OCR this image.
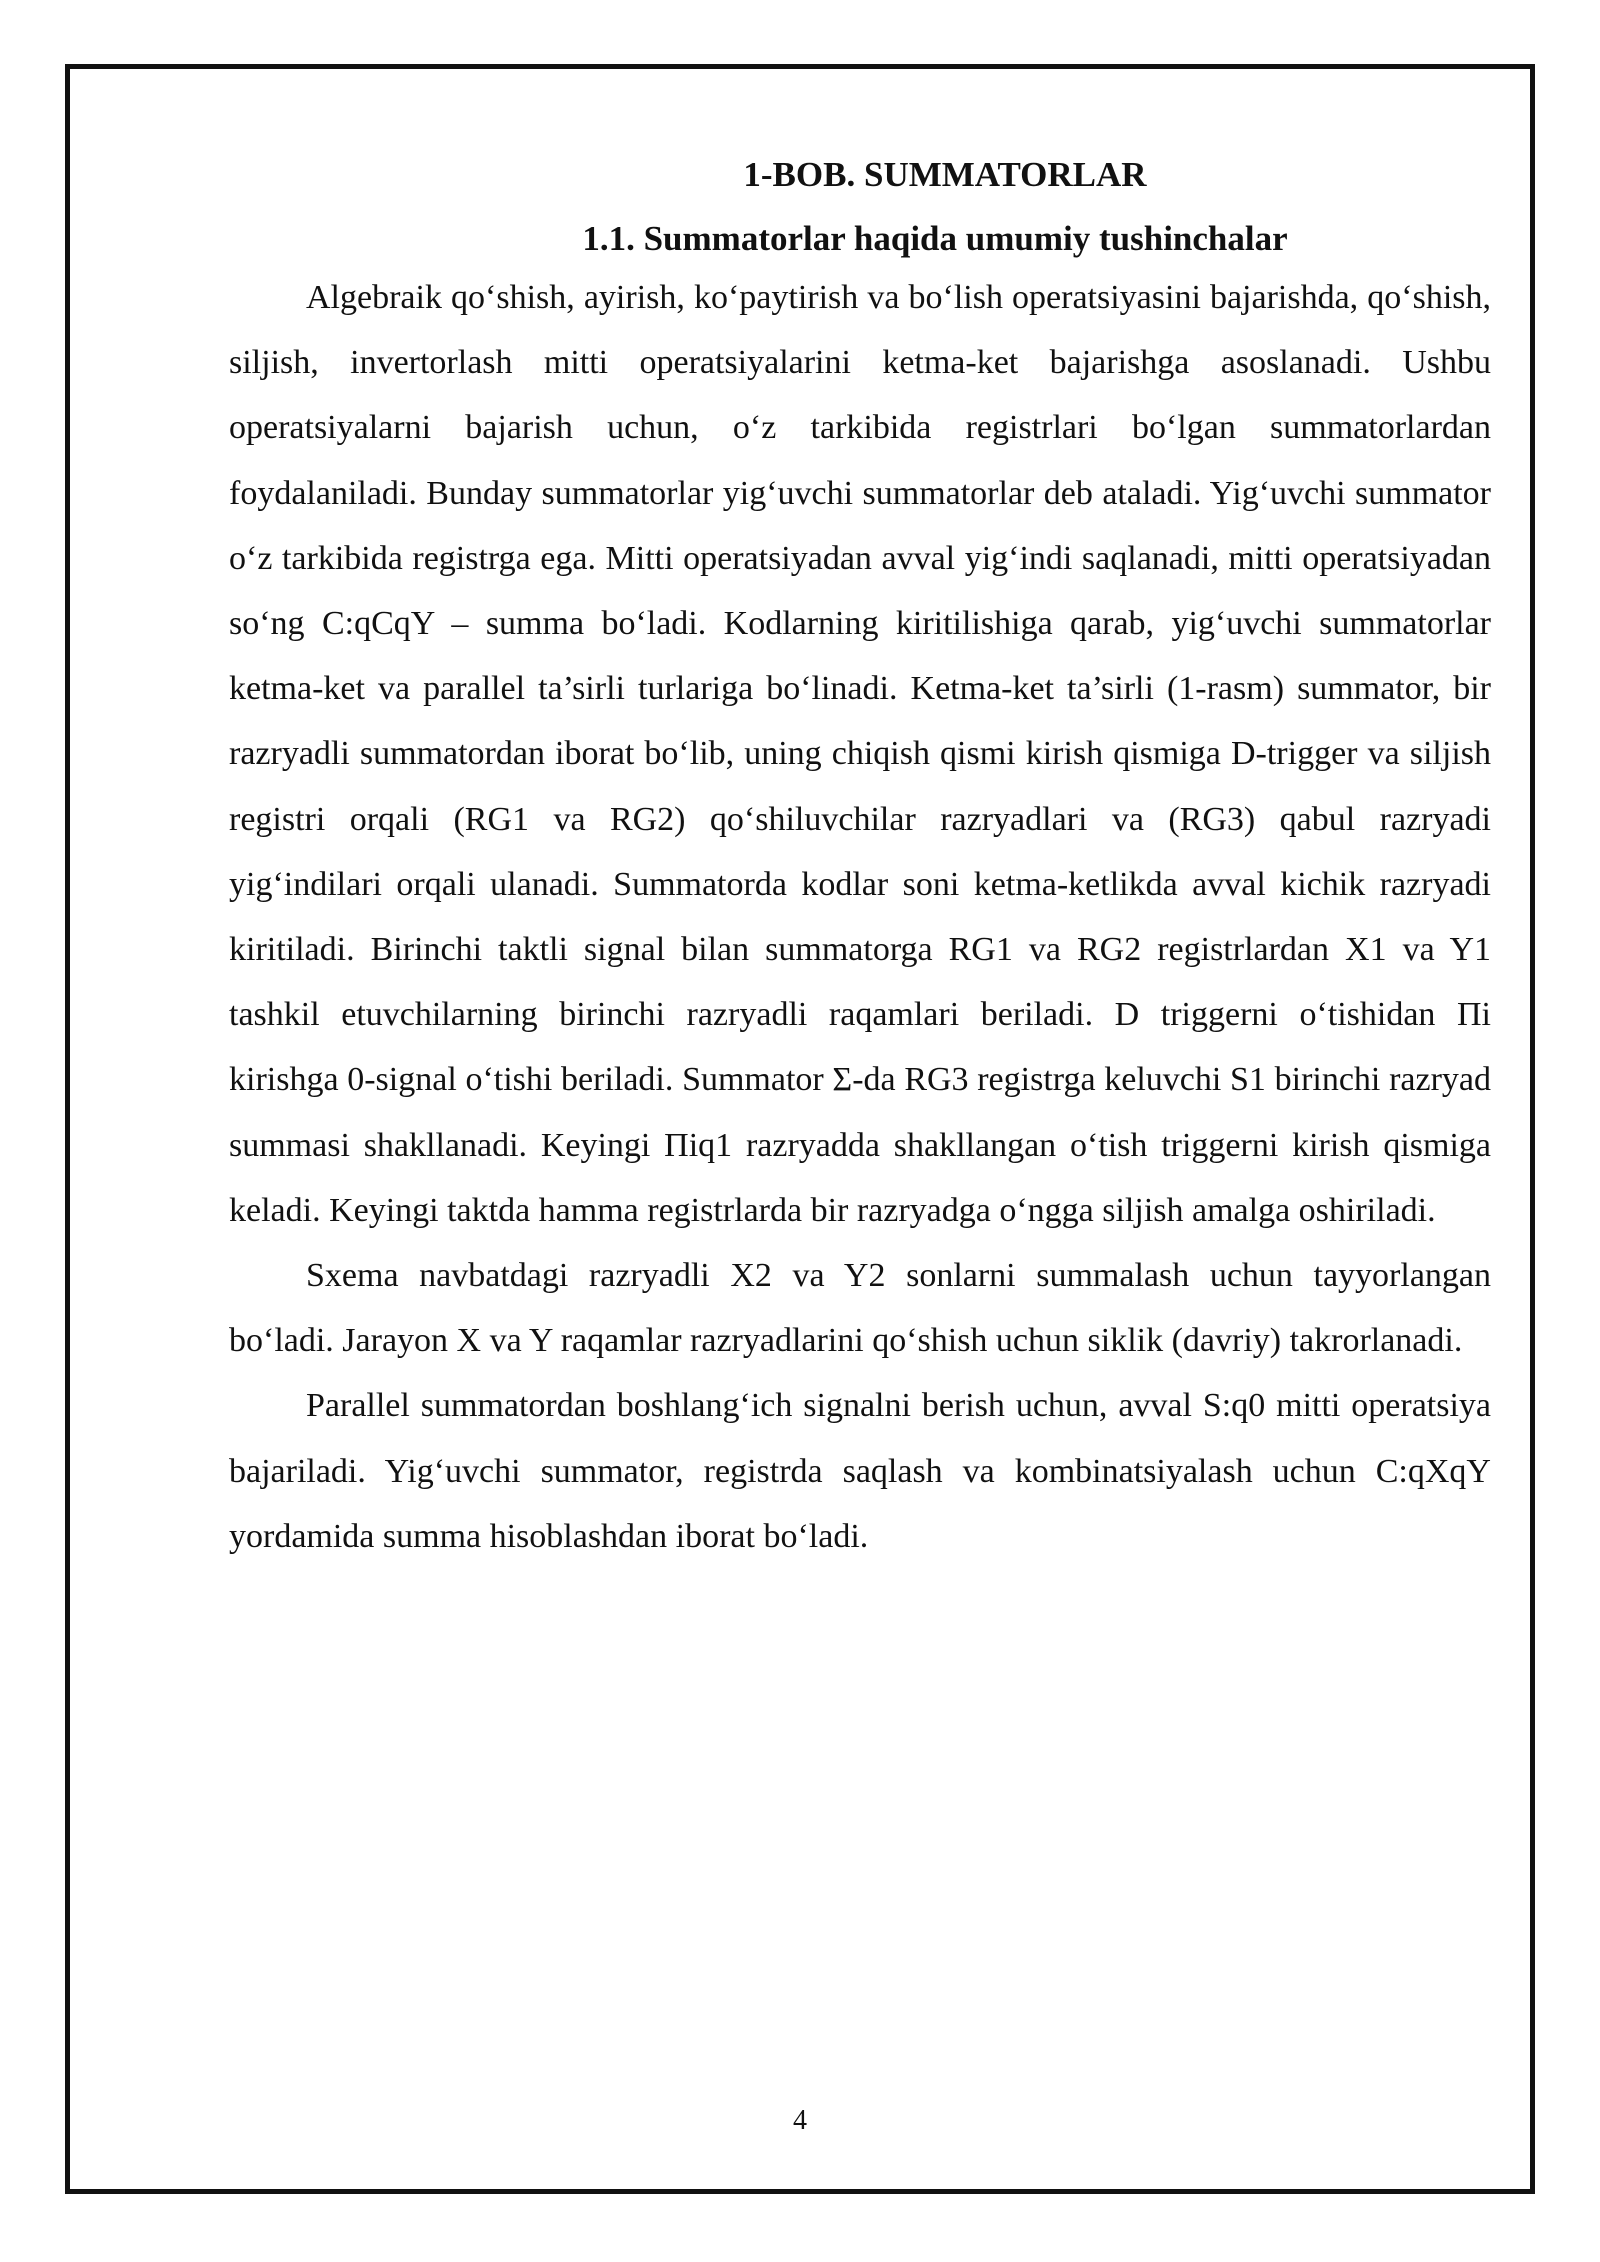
1-BOB. SUMMATORLAR
1.1. Summatorlar haqida umumiy tushinchalar

Algebraik qo‘shish, ayirish, ko‘paytirish va bo‘lish operatsiyasini bajarishda, qo‘shish, siljish, invertorlash mitti operatsiyalarini ketma-ket bajarishga asoslanadi. Ushbu operatsiyalarni bajarish uchun, o‘z tarkibida registrlari bo‘lgan summatorlardan foydalaniladi. Bunday summatorlar yig‘uvchi summatorlar deb ataladi. Yig‘uvchi summator o‘z tarkibida registrga ega. Mitti operatsiyadan avval yig‘indi saqlanadi, mitti operatsiyadan so‘ng C:qCqY – summa bo‘ladi. Kodlarning kiritilishiga qarab, yig‘uvchi summatorlar ketma-ket va parallel ta’sirli turlariga bo‘linadi. Ketma-ket ta’sirli (1-rasm) summator, bir razryadli summatordan iborat bo‘lib, uning chiqish qismi kirish qismiga D-trigger va siljish registri orqali (RG1 va RG2) qo‘shiluvchilar razryadlari va (RG3) qabul razryadi yig‘indilari orqali ulanadi. Summatorda kodlar soni ketma-ketlikda avval kichik razryadi kiritiladi. Birinchi taktli signal bilan summatorga RG1 va RG2 registrlardan X1 va Y1 tashkil etuvchilarning birinchi razryadli raqamlari beriladi. D triggerni o‘tishidan Пi kirishga 0-signal o‘tishi beriladi. Summator Σ-da RG3 registrga keluvchi S1 birinchi razryad summasi shakllanadi. Keyingi Пiq1 razryadda shakllangan o‘tish triggerni kirish qismiga keladi. Keyingi taktda hamma registrlarda bir razryadga o‘ngga siljish amalga oshiriladi.

Sxema navbatdagi razryadli X2 va Y2 sonlarni summalash uchun tayyorlangan bo‘ladi. Jarayon X va Y raqamlar razryadlarini qo‘shish uchun siklik (davriy) takrorlanadi.

Parallel summatordan boshlang‘ich signalni berish uchun, avval S:q0 mitti operatsiya bajariladi. Yig‘uvchi summator, registrda saqlash va kombinatsiyalash uchun C:qXqY yordamida summa hisoblashdan iborat bo‘ladi.

4
